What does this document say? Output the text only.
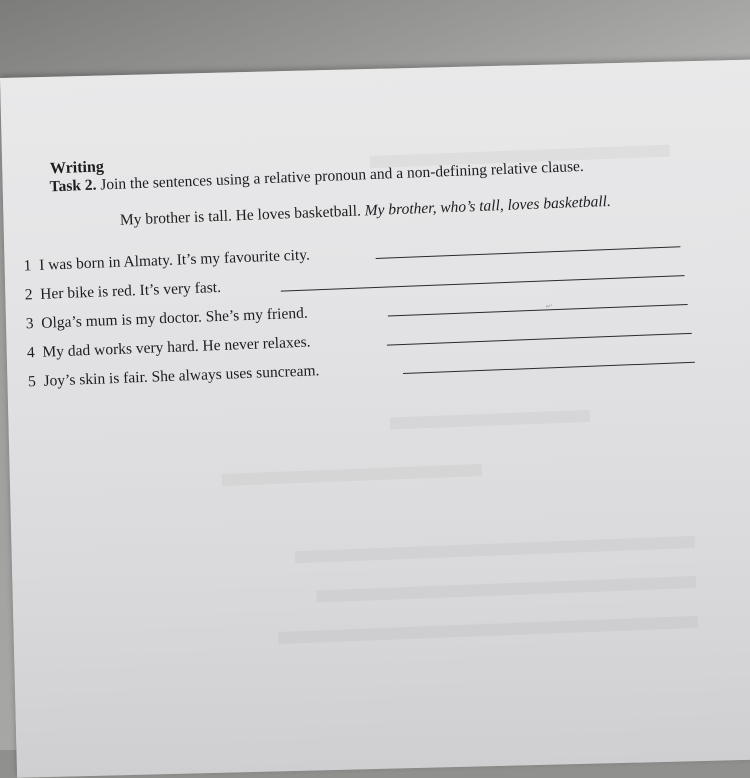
Writing
Task 2. Join the sentences using a relative pronoun and a non-defining relative clause.
My brother is tall. He loves basketball. My brother, who’s tall, loves basketball.
1 I was born in Almaty. It’s my favourite city.
2 Her bike is red. It’s very fast.
3 Olga’s mum is my doctor. She’s my friend.	~·
4 My dad works very hard. He never relaxes.
5 Joy’s skin is fair. She always uses suncream.
